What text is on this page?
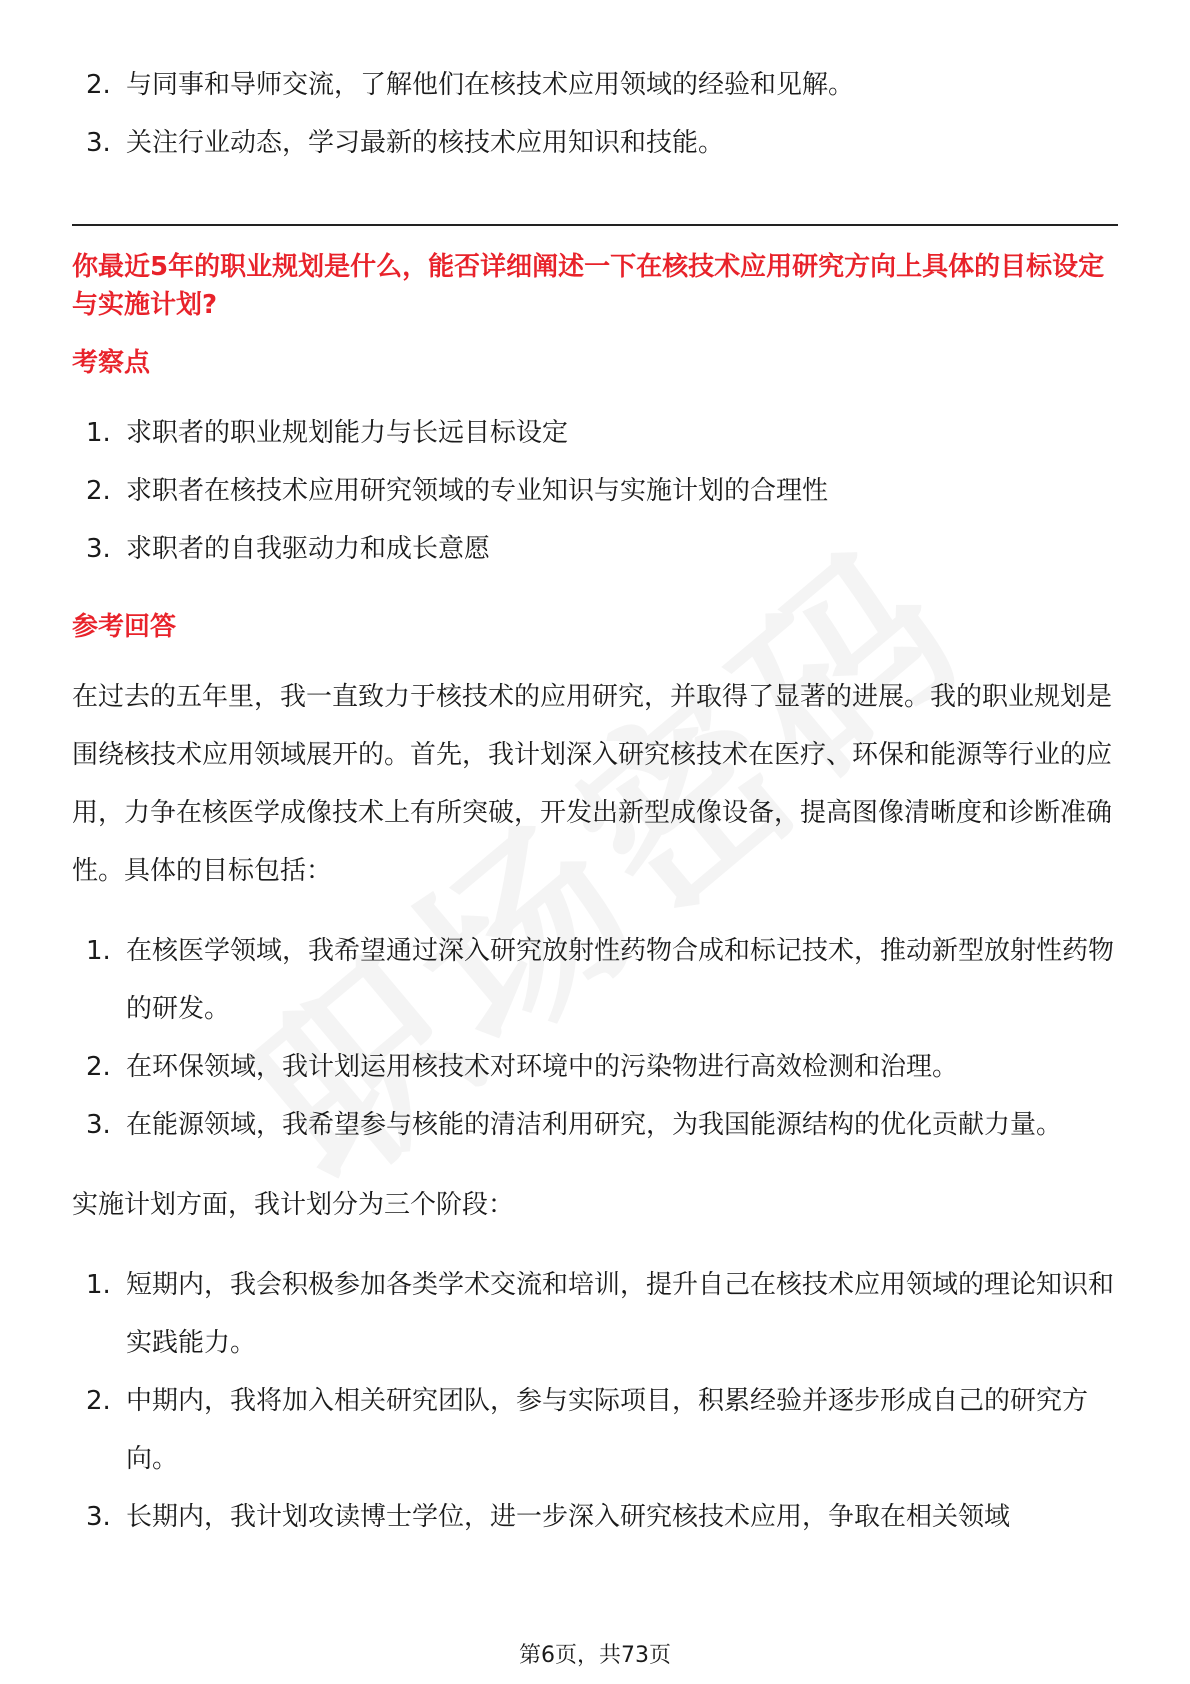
2. 与同事和导师交流，了解他们在核技术应用领域的经验和见解。
3. 关注行业动态，学习最新的核技术应用知识和技能。

你最近5年的职业规划是什么，能否详细阐述一下在核技术应用研究方向上具体的目标设定与实施计划?

考察点

1. 求职者的职业规划能力与长远目标设定
2. 求职者在核技术应用研究领域的专业知识与实施计划的合理性
3. 求职者的自我驱动力和成长意愿

参考回答

在过去的五年里，我一直致力于核技术的应用研究，并取得了显著的进展。我的职业规划是围绕核技术应用领域展开的。首先，我计划深入研究核技术在医疗、环保和能源等行业的应用，力争在核医学成像技术上有所突破，开发出新型成像设备，提高图像清晰度和诊断准确性。具体的目标包括：

1. 在核医学领域，我希望通过深入研究放射性药物合成和标记技术，推动新型放射性药物的研发。
2. 在环保领域，我计划运用核技术对环境中的污染物进行高效检测和治理。
3. 在能源领域，我希望参与核能的清洁利用研究，为我国能源结构的优化贡献力量。

实施计划方面，我计划分为三个阶段：

1. 短期内，我会积极参加各类学术交流和培训，提升自己在核技术应用领域的理论知识和实践能力。
2. 中期内，我将加入相关研究团队，参与实际项目，积累经验并逐步形成自己的研究方向。
3. 长期内，我计划攻读博士学位，进一步深入研究核技术应用，争取在相关领域
第6页，共73页
